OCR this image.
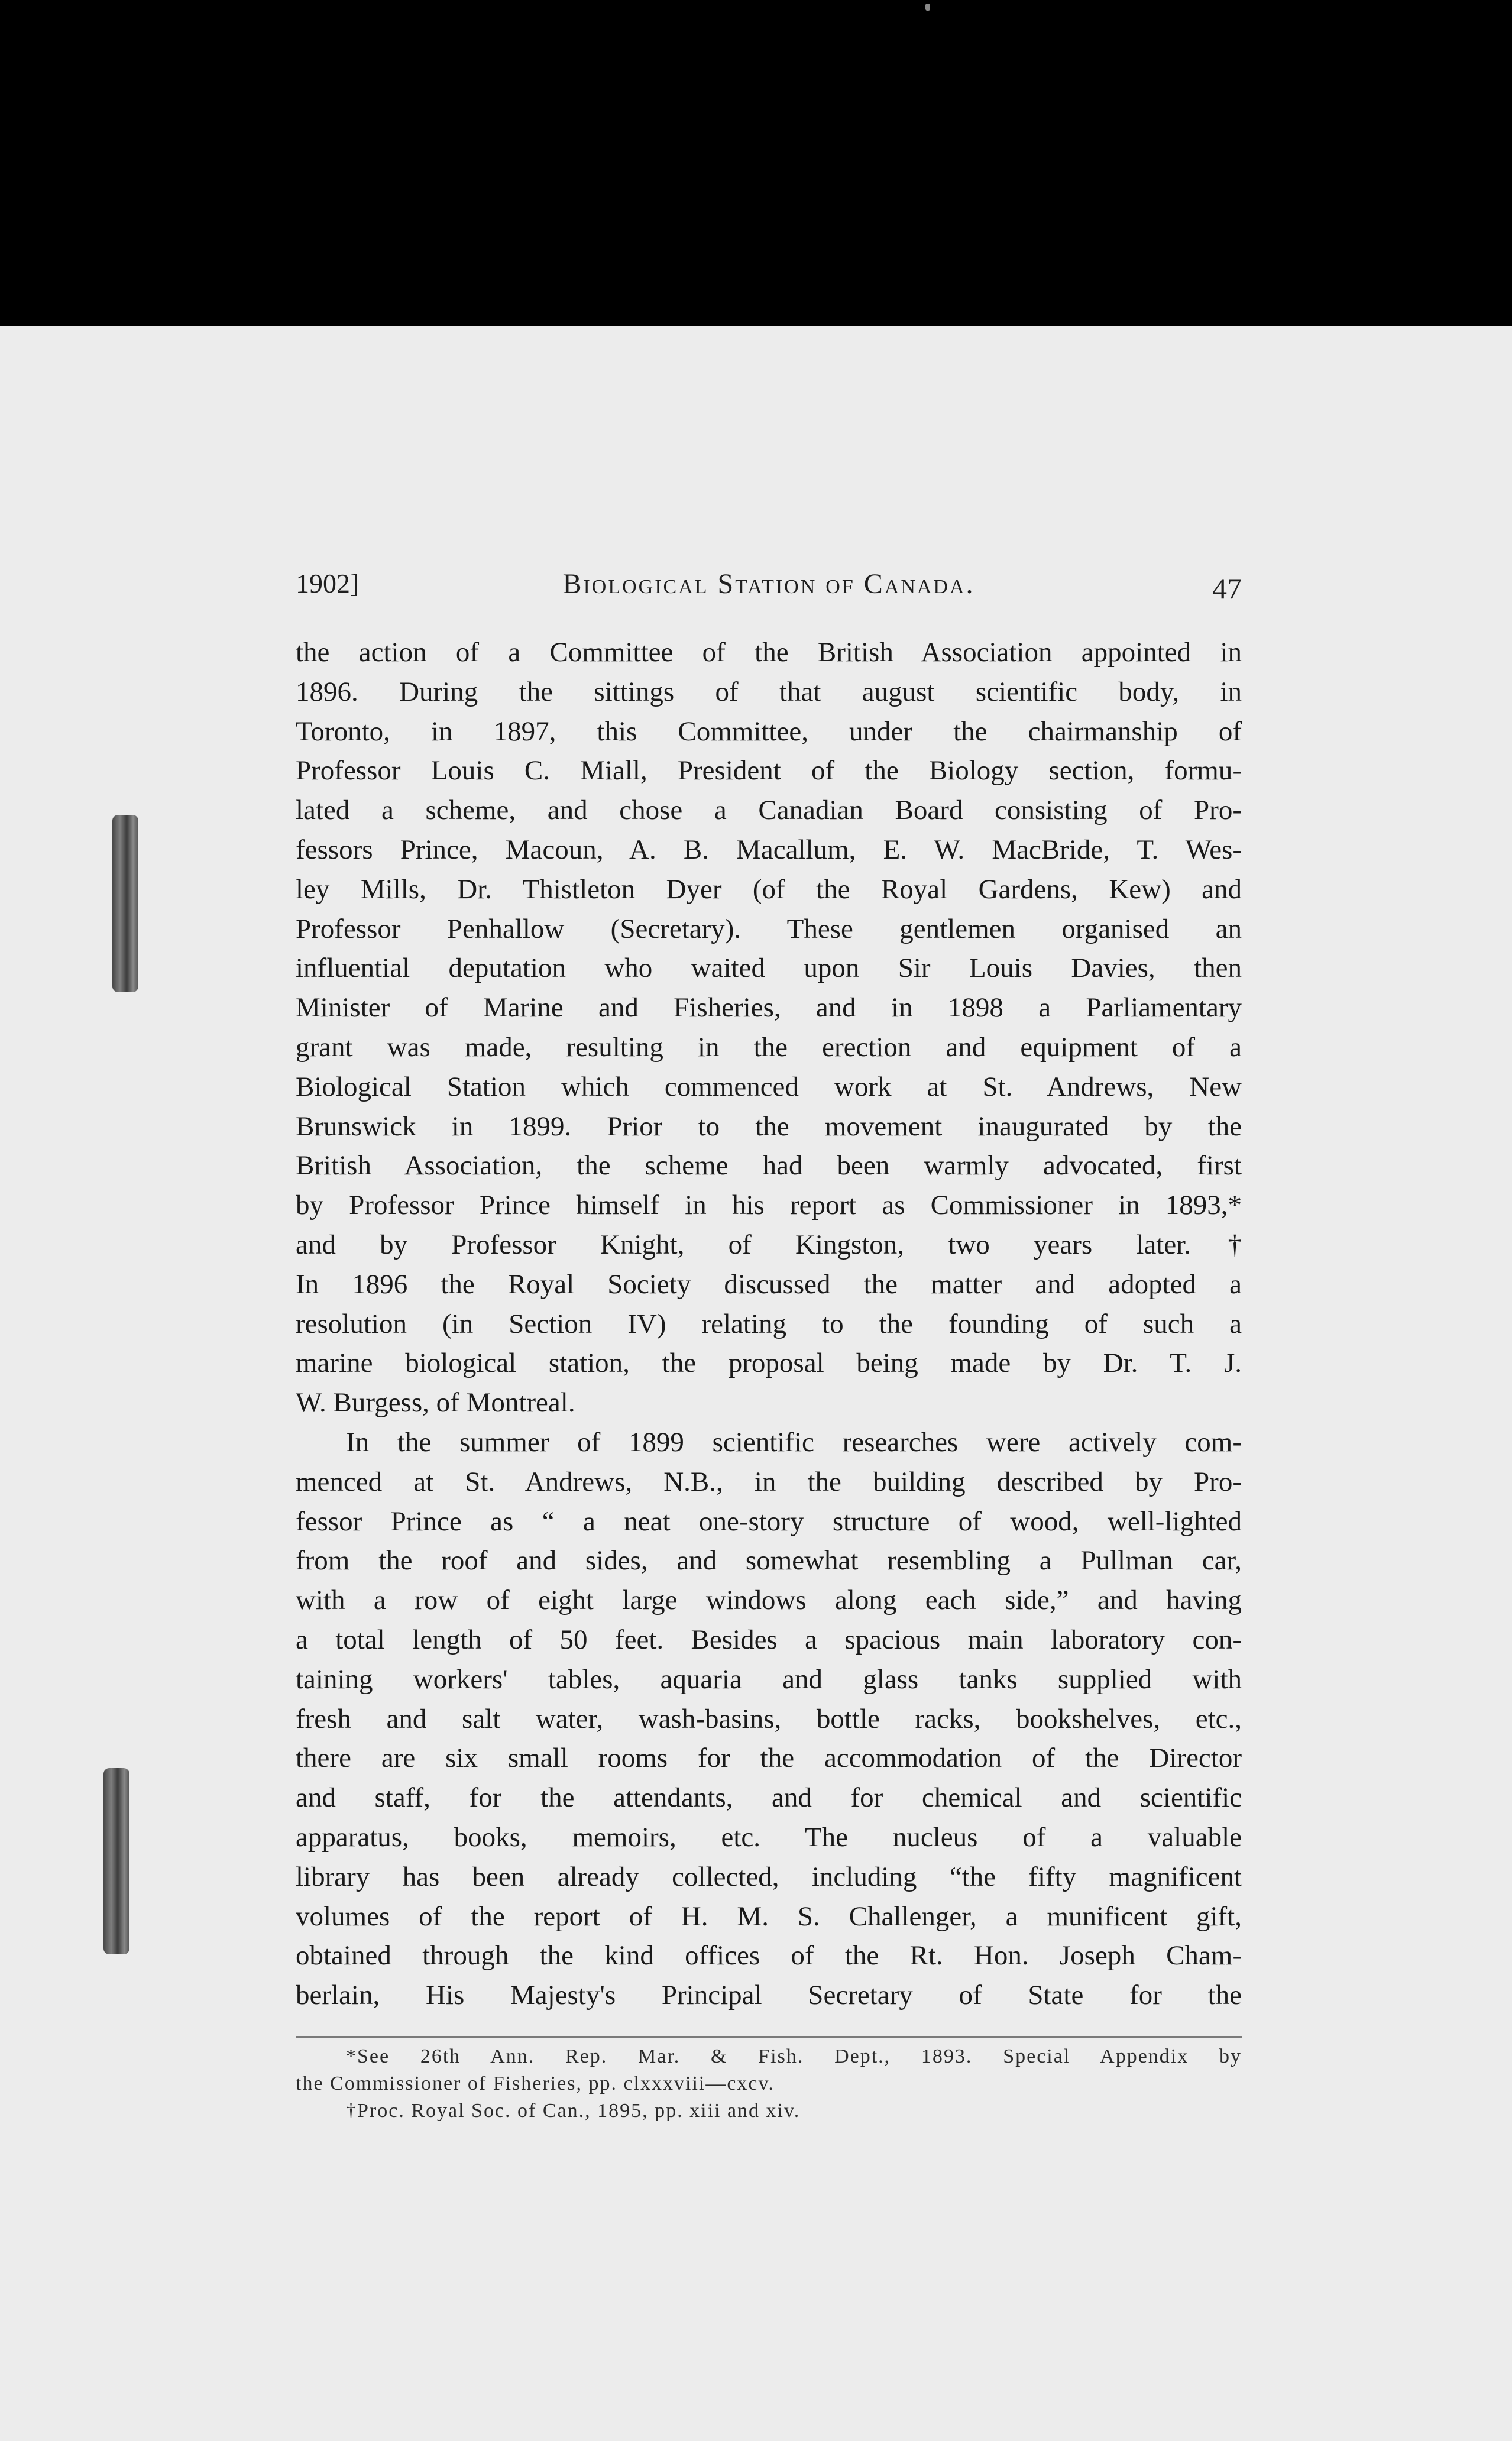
1902]	Biological Station of Canada.	47
the action of a Committee of the British Association appointed in
1896. During the sittings of that august scientific body, in
Toronto, in 1897, this Committee, under the chairmanship of
Professor Louis C. Miall, President of the Biology section, formu-
lated a scheme, and chose a Canadian Board consisting of Pro-
fessors Prince, Macoun, A. B. Macallum, E. W. MacBride, T. Wes-
ley Mills, Dr. Thistleton Dyer (of the Royal Gardens, Kew) and
Professor Penhallow (Secretary). These gentlemen organised an
influential deputation who waited upon Sir Louis Davies, then
Minister of Marine and Fisheries, and in 1898 a Parliamentary
grant was made, resulting in the erection and equipment of a
Biological Station which commenced work at St. Andrews, New
Brunswick in 1899. Prior to the movement inaugurated by the
British Association, the scheme had been warmly advocated, first
by Professor Prince himself in his report as Commissioner in 1893,*
and by Professor Knight, of Kingston, two years later.†
In 1896 the Royal Society discussed the matter and adopted a
resolution (in Section IV) relating to the founding of such a
marine biological station, the proposal being made by Dr. T. J.
W. Burgess, of Montreal.
In the summer of 1899 scientific researches were actively com-
menced at St. Andrews, N.B., in the building described by Pro-
fessor Prince as “ a neat one-story structure of wood, well-lighted
from the roof and sides, and somewhat resembling a Pullman car,
with a row of eight large windows along each side,” and having
a total length of 50 feet. Besides a spacious main laboratory con-
taining workers' tables, aquaria and glass tanks supplied with
fresh and salt water, wash-basins, bottle racks, bookshelves, etc.,
there are six small rooms for the accommodation of the Director
and staff, for the attendants, and for chemical and scientific
apparatus, books, memoirs, etc. The nucleus of a valuable
library has been already collected, including “the fifty magnificent
volumes of the report of H. M. S. Challenger, a munificent gift,
obtained through the kind offices of the Rt. Hon. Joseph Cham-
berlain, His Majesty's Principal Secretary of State for the
*See 26th Ann. Rep. Mar. & Fish. Dept., 1893. Special Appendix by
the Commissioner of Fisheries, pp. clxxxviii—cxcv.
†Proc. Royal Soc. of Can., 1895, pp. xiii and xiv.
